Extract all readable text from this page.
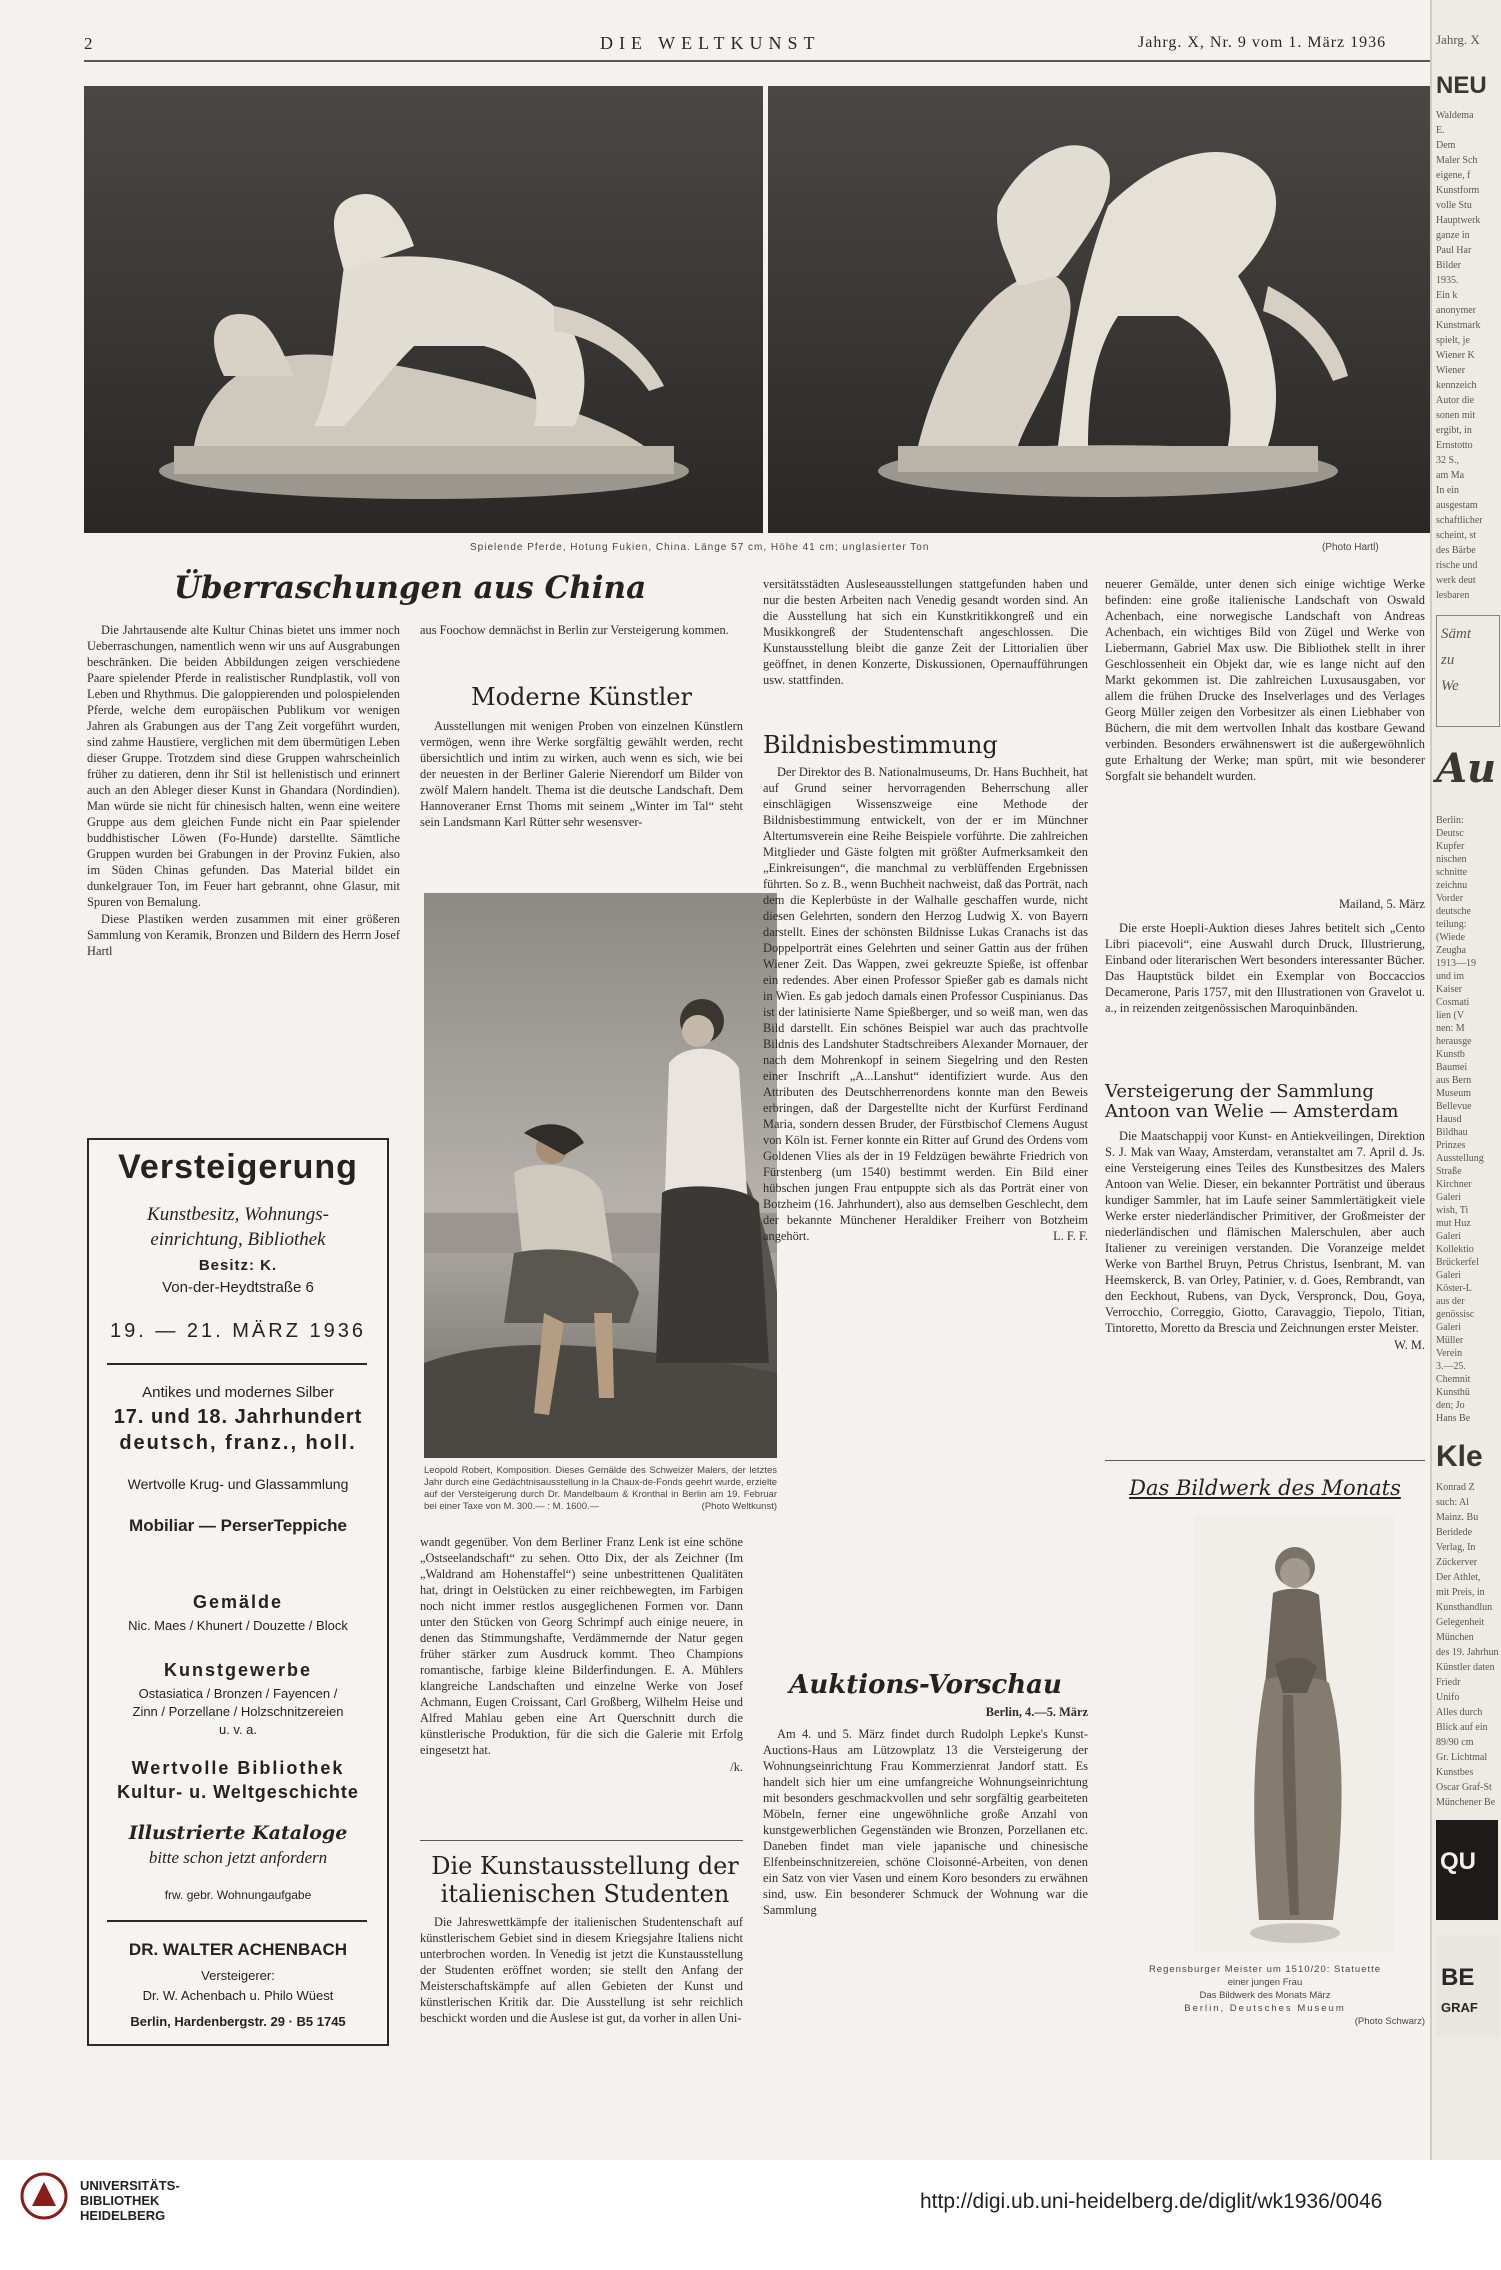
2	DIE WELTKUNST	Jahrg. X, Nr. 9 vom 1. März 1936
Spielende Pferde, Hotung Fukien, China. Länge 57 cm, Höhe 41 cm; unglasierter Ton	(Photo Hartl)
Überraschungen aus China

Die Jahrtausende alte Kultur Chinas bietet uns immer noch Ueberraschungen, namentlich wenn wir uns auf Ausgrabungen beschränken. Die beiden Abbildungen zeigen verschiedene Paare spielender Pferde in realistischer Rundplastik, voll von Leben und Rhythmus. Die galoppierenden und polospielenden Pferde, welche dem europäischen Publikum vor wenigen Jahren als Grabungen aus der T'ang Zeit vorgeführt wurden, sind zahme Haustiere, verglichen mit dem übermütigen Leben dieser Gruppe. Trotzdem sind diese Gruppen wahrscheinlich früher zu datieren, denn ihr Stil ist hellenistisch und erinnert auch an den Ableger dieser Kunst in Ghandara (Nordindien). Man würde sie nicht für chinesisch halten, wenn eine weitere Gruppe aus dem gleichen Funde nicht ein Paar spielender buddhistischer Löwen (Fo-Hunde) darstellte. Sämtliche Gruppen wurden bei Grabungen in der Provinz Fukien, also im Süden Chinas gefunden. Das Material bildet ein dunkelgrauer Ton, im Feuer hart gebrannt, ohne Glasur, mit Spuren von Bemalung.

Diese Plastiken werden zusammen mit einer größeren Sammlung von Keramik, Bronzen und Bildern des Herrn Josef Hartl

Versteigerung
Kunstbesitz, Wohnungs-
einrichtung, Bibliothek
Besitz: K.
Von-der-Heydtstraße 6
19. — 21. MÄRZ 1936
Antikes und modernes Silber
17. und 18. Jahrhundert
deutsch, franz., holl.
Wertvolle Krug- und Glassammlung
Mobiliar — PerserTeppiche
Gemälde
Nic. Maes / Khunert / Douzette / Block
Kunstgewerbe
Ostasiatica / Bronzen / Fayencen /
Zinn / Porzellane / Holzschnitzereien
u. v. a.
Wertvolle Bibliothek
Kultur- u. Weltgeschichte
Illustrierte Kataloge
bitte schon jetzt anfordern
frw. gebr. Wohnungaufgabe
DR. WALTER ACHENBACH
Versteigerer:
Dr. W. Achenbach u. Philo Wüest
Berlin, Hardenbergstr. 29 · B5 1745

aus Foochow demnächst in Berlin zur Versteigerung kommen.

Moderne Künstler

Ausstellungen mit wenigen Proben von einzelnen Künstlern vermögen, wenn ihre Werke sorgfältig gewählt werden, recht übersichtlich und intim zu wirken, auch wenn es sich, wie bei der neuesten in der Berliner Galerie Nierendorf um Bilder von zwölf Malern handelt. Thema ist die deutsche Landschaft. Dem Hannoveraner Ernst Thoms mit seinem „Winter im Tal“ steht sein Landsmann Karl Rütter sehr wesensver-

Leopold Robert, Komposition. Dieses Gemälde des Schweizer Malers, der letztes Jahr durch eine Gedächtnisausstellung in la Chaux-de-Fonds geehrt wurde, erzielte auf der Versteigerung durch Dr. Mandelbaum & Kronthal in Berlin am 19. Februar bei einer Taxe von M. 300.— : M. 1600.—	(Photo Weltkunst)

wandt gegenüber. Von dem Berliner Franz Lenk ist eine schöne „Ostseelandschaft“ zu sehen. Otto Dix, der als Zeichner (Im „Waldrand am Hohenstaffel“) seine unbestrittenen Qualitäten hat, dringt in Oelstücken zu einer reichbewegten, im Farbigen noch nicht immer restlos ausgeglichenen Formen vor. Dann unter den Stücken von Georg Schrimpf auch einige neuere, in denen das Stimmungshafte, Verdämmernde der Natur gegen früher stärker zum Ausdruck kommt. Theo Champions romantische, farbige kleine Bilderfindungen. E. A. Mühlers klangreiche Landschaften und einzelne Werke von Josef Achmann, Eugen Croissant, Carl Großberg, Wilhelm Heise und Alfred Mahlau geben eine Art Querschnitt durch die künstlerische Produktion, für die sich die Galerie mit Erfolg eingesetzt hat.

/k.
Die Kunstausstellung der
italienischen Studenten

Die Jahreswettkämpfe der italienischen Studentenschaft auf künstlerischem Gebiet sind in diesem Kriegsjahre Italiens nicht unterbrochen worden. In Venedig ist jetzt die Kunstausstellung der Studenten eröffnet worden; sie stellt den Anfang der Meisterschaftskämpfe auf allen Gebieten der Kunst und künstlerischen Kritik dar. Die Ausstellung ist sehr reichlich beschickt worden und die Auslese ist gut, da vorher in allen Uni-

versitätsstädten Ausleseausstellungen stattgefunden haben und nur die besten Arbeiten nach Venedig gesandt worden sind. An die Ausstellung hat sich ein Kunstkritikkongreß und ein Musikkongreß der Studentenschaft angeschlossen. Die Kunstausstellung bleibt die ganze Zeit der Littorialien über geöffnet, in denen Konzerte, Diskussionen, Opernaufführungen usw. stattfinden.

Bildnisbestimmung

Der Direktor des B. Nationalmuseums, Dr. Hans Buchheit, hat auf Grund seiner hervorragenden Beherrschung aller einschlägigen Wissenszweige eine Methode der Bildnisbestimmung entwickelt, von der er im Münchner Altertumsverein eine Reihe Beispiele vorführte. Die zahlreichen Mitglieder und Gäste folgten mit größter Aufmerksamkeit den „Einkreisungen“, die manchmal zu verblüffenden Ergebnissen führten. So z. B., wenn Buchheit nachweist, daß das Porträt, nach dem die Keplerbüste in der Walhalle geschaffen wurde, nicht diesen Gelehrten, sondern den Herzog Ludwig X. von Bayern darstellt. Eines der schönsten Bildnisse Lukas Cranachs ist das Doppelporträt eines Gelehrten und seiner Gattin aus der frühen Wiener Zeit. Das Wappen, zwei gekreuzte Spieße, ist offenbar ein redendes. Aber einen Professor Spießer gab es damals nicht in Wien. Es gab jedoch damals einen Professor Cuspinianus. Das ist der latinisierte Name Spießberger, und so weiß man, wen das Bild darstellt. Ein schönes Beispiel war auch das prachtvolle Bildnis des Landshuter Stadtschreibers Alexander Mornauer, der nach dem Mohrenkopf in seinem Siegelring und den Resten einer Inschrift „A...Lanshut“ identifiziert wurde. Aus den Attributen des Deutschherrenordens konnte man den Beweis erbringen, daß der Dargestellte nicht der Kurfürst Ferdinand Maria, sondern dessen Bruder, der Fürstbischof Clemens August von Köln ist. Ferner konnte ein Ritter auf Grund des Ordens vom Goldenen Vlies als der in 19 Feldzügen bewährte Friedrich von Fürstenberg (um 1540) bestimmt werden. Ein Bild einer hübschen jungen Frau entpuppte sich als das Porträt einer von Botzheim (16. Jahrhundert), also aus demselben Geschlecht, dem der bekannte Münchener Heraldiker Freiherr von Botzheim angehört.	L. F. F.

neuerer Gemälde, unter denen sich einige wichtige Werke befinden: eine große italienische Landschaft von Oswald Achenbach, eine norwegische Landschaft von Andreas Achenbach, ein wichtiges Bild von Zügel und Werke von Liebermann, Gabriel Max usw. Die Bibliothek stellt in ihrer Geschlossenheit ein Objekt dar, wie es lange nicht auf den Markt gekommen ist. Die zahlreichen Luxusausgaben, vor allem die frühen Drucke des Inselverlages und des Verlages Georg Müller zeigen den Vorbesitzer als einen Liebhaber von Büchern, die mit dem wertvollen Inhalt das kostbare Gewand verbinden. Besonders erwähnenswert ist die außergewöhnlich gute Erhaltung der Werke; man spürt, mit wie besonderer Sorgfalt sie behandelt wurden.

Mailand, 5. März

Die erste Hoepli-Auktion dieses Jahres betitelt sich „Cento Libri piacevoli“, eine Auswahl durch Druck, Illustrierung, Einband oder literarischen Wert besonders interessanter Bücher. Das Hauptstück bildet ein Exemplar von Boccaccios Decamerone, Paris 1757, mit den Illustrationen von Gravelot u. a., in reizenden zeitgenössischen Maroquinbänden.

Versteigerung der Sammlung
Antoon van Welie — Amsterdam

Die Maatschappij voor Kunst- en Antiekveilingen, Direktion S. J. Mak van Waay, Amsterdam, veranstaltet am 7. April d. Js. eine Versteigerung eines Teiles des Kunstbesitzes des Malers Antoon van Welie. Dieser, ein bekannter Porträtist und überaus kundiger Sammler, hat im Laufe seiner Sammlertätigkeit viele Werke erster niederländischer Primitiver, der Großmeister der niederländischen und flämischen Malerschulen, aber auch Italiener zu vereinigen verstanden. Die Voranzeige meldet Werke von Barthel Bruyn, Petrus Christus, Isenbrant, M. van Heemskerck, B. van Orley, Patinier, v. d. Goes, Rembrandt, van den Eeckhout, Rubens, van Dyck, Verspronck, Dou, Goya, Verrocchio, Correggio, Giotto, Caravaggio, Tiepolo, Titian, Tintoretto, Moretto da Brescia und Zeichnungen erster Meister.

W. M.
Das Bildwerk des Monats
Regensburger Meister um 1510/20: Statuette
einer jungen Frau
Das Bildwerk des Monats März
Berlin, Deutsches Museum
(Photo Schwarz)
Auktions-Vorschau
Berlin, 4.—5. März

Am 4. und 5. März findet durch Rudolph Lepke's Kunst-Auctions-Haus am Lützowplatz 13 die Versteigerung der Wohnungseinrichtung Frau Kommerzienrat Jandorf statt. Es handelt sich hier um eine umfangreiche Wohnungseinrichtung mit besonders geschmackvollen und sehr sorgfältig gearbeiteten Möbeln, ferner eine ungewöhnliche große Anzahl von kunstgewerblichen Gegenständen wie Bronzen, Porzellanen etc. Daneben findet man viele japanische und chinesische Elfenbeinschnitzereien, schöne Cloisonné-Arbeiten, von denen ein Satz von vier Vasen und einem Koro besonders zu erwähnen sind, usw. Ein besonderer Schmuck der Wohnung war die Sammlung

Jahrg. X
NEU
Waldema
E.
Dem
Maler Sch
eigene, f
Kunstform
volle Stu
Hauptwerk
ganze in
Paul Har
Bilder
1935.
Ein k
anonymer
Kunstmark
spielt, je
Wiener K
Wiener
kennzeich
Autor die
sonen mit
ergibt, in
Ernstotto
32 S.,
am Ma
In ein
ausgestam
schaftlicher
scheint, st
des Bärbe
rische und
werk deut
lesbaren
Sämt
zu
We
Au
Berlin:
Deutsc
Kupfer
nischen
schnitte
zeichnu
Vorder
deutsche
teilung:
(Wiede
Zeugha
1913—19
und im
Kaiser
Cosmati
lien (V
nen: M
herausge
Kunstb
Baumei
aus Bern
Museum
Bellevue
Hausd
Bildhau
Prinzes
Ausstellung
Straße
Kirchner
Galeri
wish, Ti
mut Huz
Galeri
Kollektio
Brückerfel
Galeri
Köster-L
aus der
genössisc
Galeri
Müller
Verein
3.—25.
Chemnit
Kunsthü
den; Jo
Hans Be
Kle
Konrad Z
such: Al
Mainz. Bu
Beridede
Verlag, In
Zückerver
Der Athlet,
mit Preis, in
Kunsthandlun
Gelegenheit
München
des 19. Jahrhun
Künstler daten
Friedr
Unifo
Alles durch
Blick auf ein
89/90 cm
Gr. Lichtmal
Kunstbes
Oscar Graf-St
Münchener Be
QU
BE
GRAF
UNIVERSITÄTS-
BIBLIOTHEK
HEIDELBERG
http://digi.ub.uni-heidelberg.de/diglit/wk1936/0046
